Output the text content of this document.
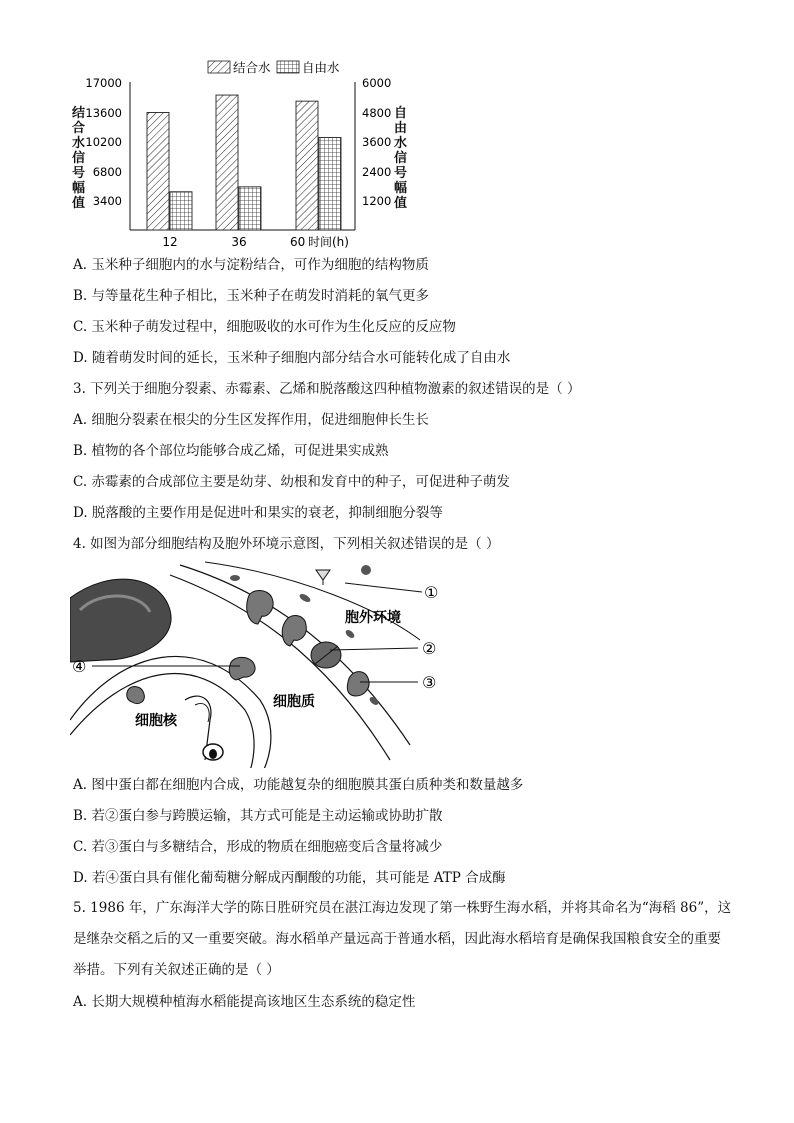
结合水	自由水
17000
13600
10200
6800
3400
6000
4800
3600
2400
1200
12	36	60 时间(h)
结合水信号幅值
自由水信号幅值
A. 玉米种子细胞内的水与淀粉结合，可作为细胞的结构物质
B. 与等量花生种子相比，玉米种子在萌发时消耗的氧气更多
C. 玉米种子萌发过程中，细胞吸收的水可作为生化反应的反应物
D. 随着萌发时间的延长，玉米种子细胞内部分结合水可能转化成了自由水
3. 下列关于细胞分裂素、赤霉素、乙烯和脱落酸这四种植物激素的叙述错误的是（ ）
A. 细胞分裂素在根尖的分生区发挥作用，促进细胞伸长生长
B. 植物的各个部位均能够合成乙烯，可促进果实成熟
C. 赤霉素的合成部位主要是幼芽、幼根和发育中的种子，可促进种子萌发
D. 脱落酸的主要作用是促进叶和果实的衰老，抑制细胞分裂等
4. 如图为部分细胞结构及胞外环境示意图，下列相关叙述错误的是（ ）
①
②
③
④
胞外环境
细胞质
细胞核
A. 图中蛋白都在细胞内合成，功能越复杂的细胞膜其蛋白质种类和数量越多
B. 若②蛋白参与跨膜运输，其方式可能是主动运输或协助扩散
C. 若③蛋白与多糖结合，形成的物质在细胞癌变后含量将减少
D. 若④蛋白具有催化葡萄糖分解成丙酮酸的功能，其可能是 ATP 合成酶
5. 1986 年，广东海洋大学的陈日胜研究员在湛江海边发现了第一株野生海水稻，并将其命名为“海稻 86”，这是继杂交稻之后的又一重要突破。海水稻单产量远高于普通水稻，因此海水稻培育是确保我国粮食安全的重要举措。下列有关叙述正确的是（ ）
A. 长期大规模种植海水稻能提高该地区生态系统的稳定性
